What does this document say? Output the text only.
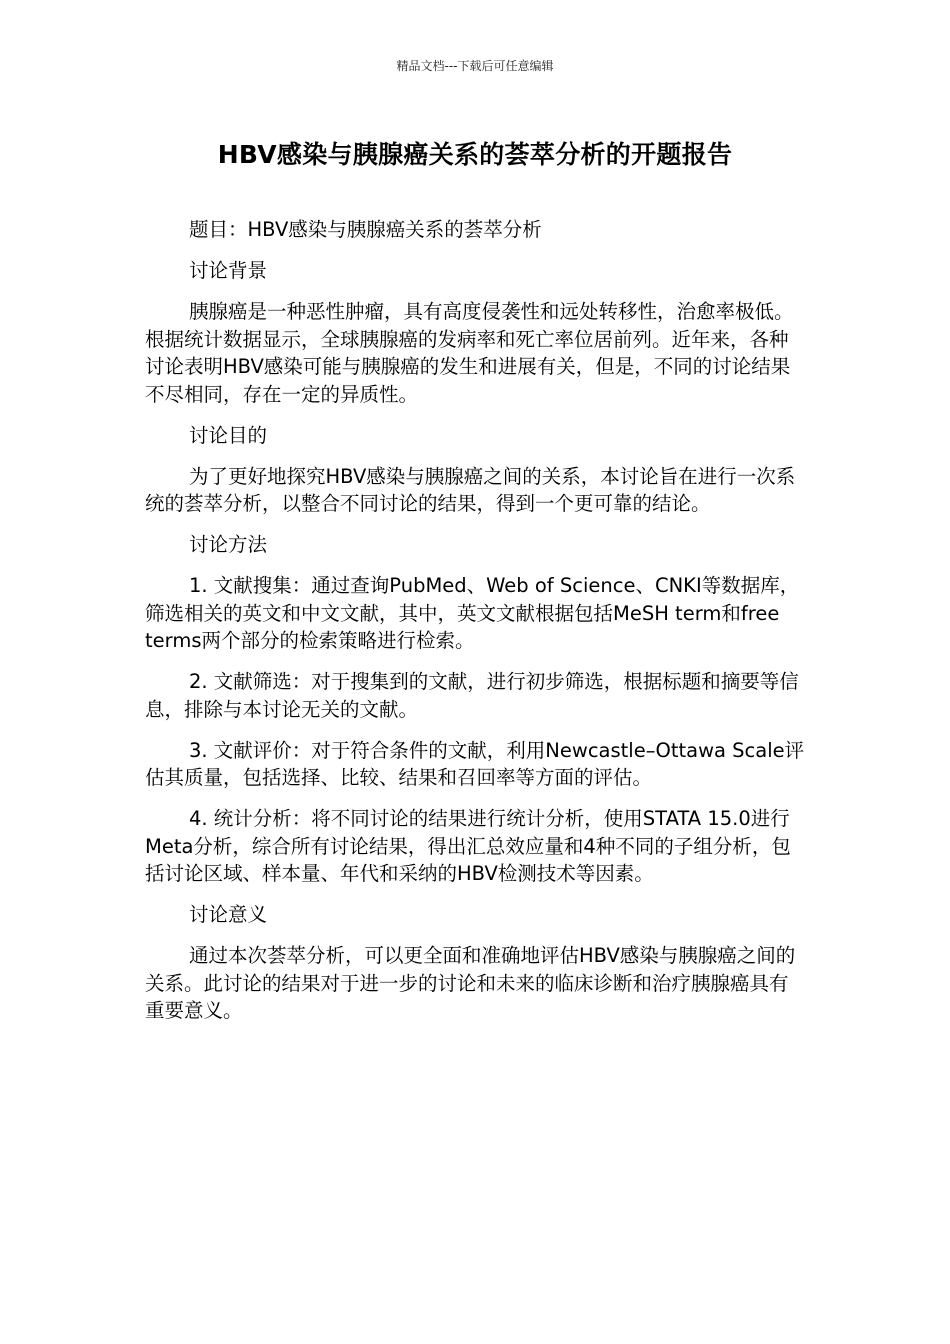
精品文档---下载后可任意编辑
HBV感染与胰腺癌关系的荟萃分析的开题报告

题目：HBV感染与胰腺癌关系的荟萃分析

讨论背景

胰腺癌是一种恶性肿瘤，具有高度侵袭性和远处转移性，治愈率极低。根据统计数据显示，全球胰腺癌的发病率和死亡率位居前列。近年来，各种讨论表明HBV感染可能与胰腺癌的发生和进展有关，但是，不同的讨论结果不尽相同，存在一定的异质性。

讨论目的

为了更好地探究HBV感染与胰腺癌之间的关系，本讨论旨在进行一次系统的荟萃分析，以整合不同讨论的结果，得到一个更可靠的结论。

讨论方法

1. 文献搜集：通过查询PubMed、Web of Science、CNKI等数据库，筛选相关的英文和中文文献，其中，英文文献根据包括MeSH term和free terms两个部分的检索策略进行检索。

2. 文献筛选：对于搜集到的文献，进行初步筛选，根据标题和摘要等信息，排除与本讨论无关的文献。

3. 文献评价：对于符合条件的文献，利用Newcastle–Ottawa Scale评估其质量，包括选择、比较、结果和召回率等方面的评估。

4. 统计分析：将不同讨论的结果进行统计分析，使用STATA 15.0进行Meta分析，综合所有讨论结果，得出汇总效应量和4种不同的子组分析，包括讨论区域、样本量、年代和采纳的HBV检测技术等因素。

讨论意义

通过本次荟萃分析，可以更全面和准确地评估HBV感染与胰腺癌之间的关系。此讨论的结果对于进一步的讨论和未来的临床诊断和治疗胰腺癌具有重要意义。
